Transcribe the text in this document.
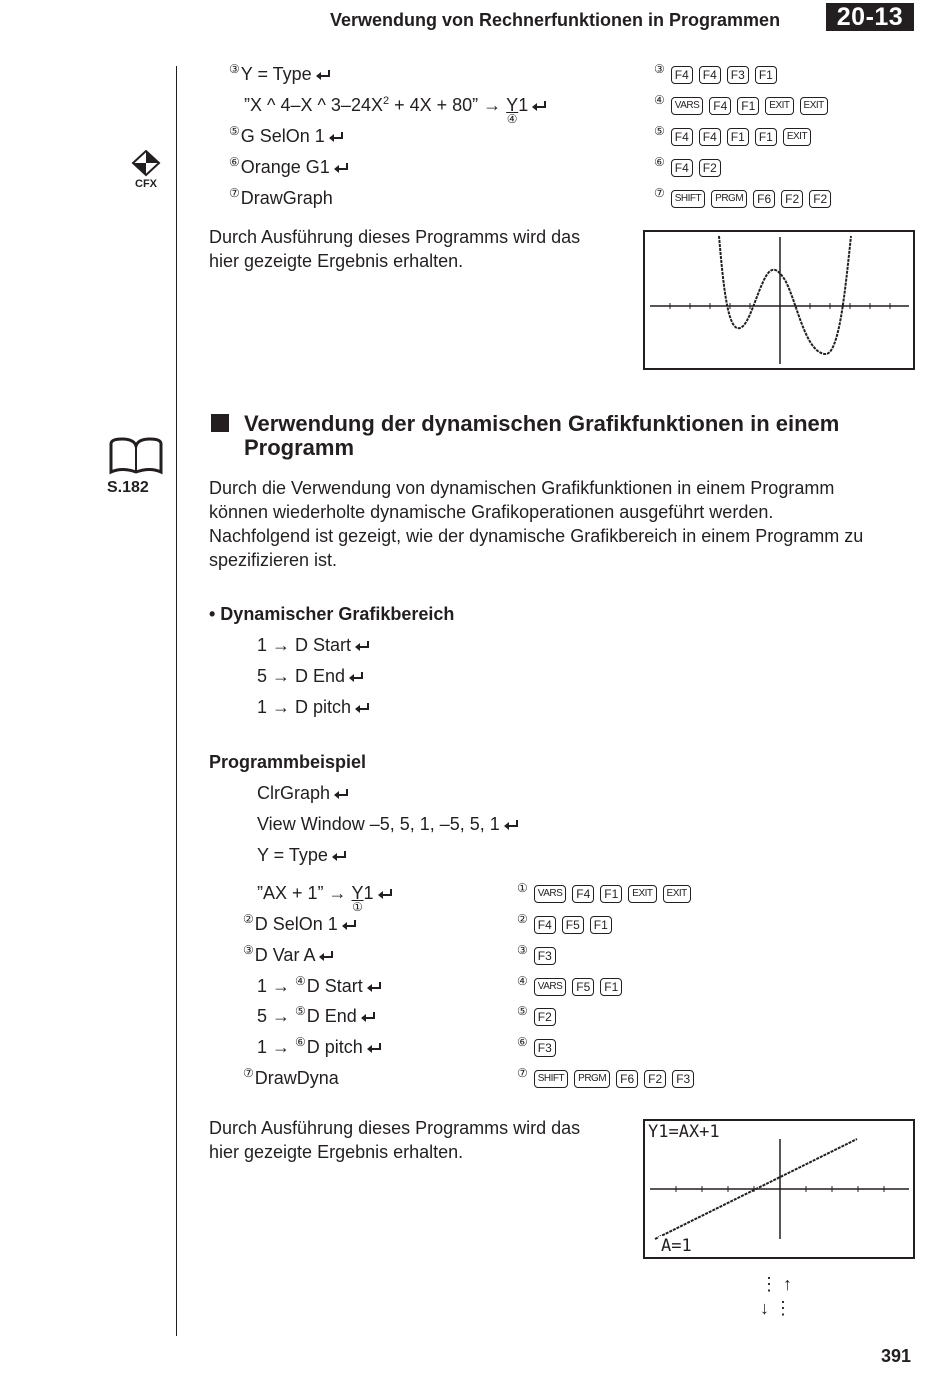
Verwendung von Rechnerfunktionen in Programmen	20-13
CFX
③Y = Type
”X ^ 4–X ^ $3-24X^2 + 4X + 80$” → Y
④
1
⑤G SelOn 1
⑥Orange G1
⑦DrawGraph
③ F4 F4 F3 F1
④ VARS F4 F1 EXIT EXIT
⑤ F4 F4 F1 F1 EXIT
⑥ F4 F2
⑦ SHIFT PRGM F6 F2 F2
Durch Ausführung dieses Programms wird das
hier gezeigte Ergebnis erhalten.
S.182
Verwendung der dynamischen Grafikfunktionen in einem
Programm
Durch die Verwendung von dynamischen Grafikfunktionen in einem Programm
können wiederholte dynamische Grafikoperationen ausgeführt werden.
Nachfolgend ist gezeigt, wie der dynamische Grafikbereich in einem Programm zu
spezifizieren ist.
• Dynamischer Grafikbereich
1 → D Start
5 → D End
1 → D pitch
Programmbeispiel
ClrGraph
View Window –5, 5, 1, –5, 5, 1
Y = Type
”AX + 1” → Y
①
1
②D SelOn 1
③D Var A
1 → ④D Start
5 → ⑤D End
1 → ⑥D pitch
⑦DrawDyna
① VARS F4 F1 EXIT EXIT
② F4 F5 F1
③ F3
④ VARS F5 F1
⑤ F2
⑥ F3
⑦ SHIFT PRGM F6 F2 F3
Durch Ausführung dieses Programms wird das
hier gezeigte Ergebnis erhalten.
Y1=AX+1
A=1
⋮ ↑
↓ ⋮
391
